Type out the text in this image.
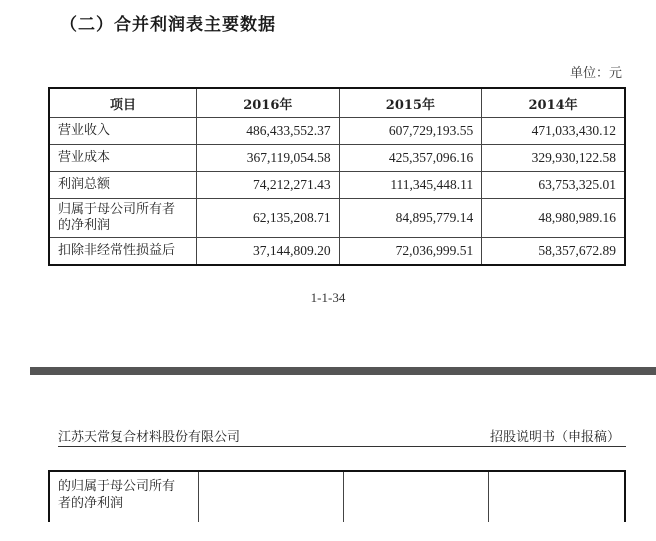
（二）合并利润表主要数据
单位：元
项目	2016年	2015年	2014年
营业收入	486,433,552.37	607,729,193.55	471,033,430.12
营业成本	367,119,054.58	425,357,096.16	329,930,122.58
利润总额	74,212,271.43	111,345,448.11	63,753,325.01
归属于母公司所有者
的净利润	62,135,208.71	84,895,779.14	48,980,989.16
扣除非经常性损益后	37,144,809.20	72,036,999.51	58,357,672.89
1-1-34
江苏天常复合材料股份有限公司	招股说明书（申报稿）
的归属于母公司所有
者的净利润			
